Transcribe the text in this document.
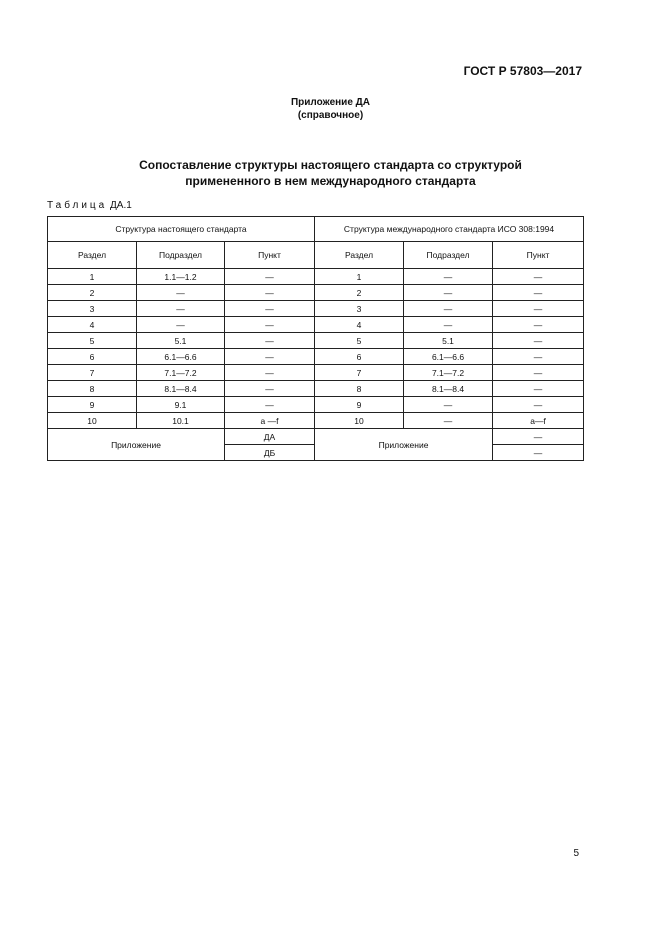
ГОСТ Р 57803—2017
Приложение ДА
(справочное)
Сопоставление структуры настоящего стандарта со структурой
примененного в нем международного стандарта
Таблица ДА.1
Структура настоящего стандарта			Структура международного стандарта ИСО 308:1994		
Раздел	Подраздел	Пункт	Раздел	Подраздел	Пункт
1	1.1—1.2	—	1	—	—
2	—	—	2	—	—
3	—	—	3	—	—
4	—	—	4	—	—
5	5.1	—	5	5.1	—
6	6.1—6.6	—	6	6.1—6.6	—
7	7.1—7.2	—	7	7.1—7.2	—
8	8.1—8.4	—	8	8.1—8.4	—
9	9.1	—	9	—	—
10	10.1	а —f	10	—	a—f
Приложение		ДА	Приложение		—
		ДБ			—
5
